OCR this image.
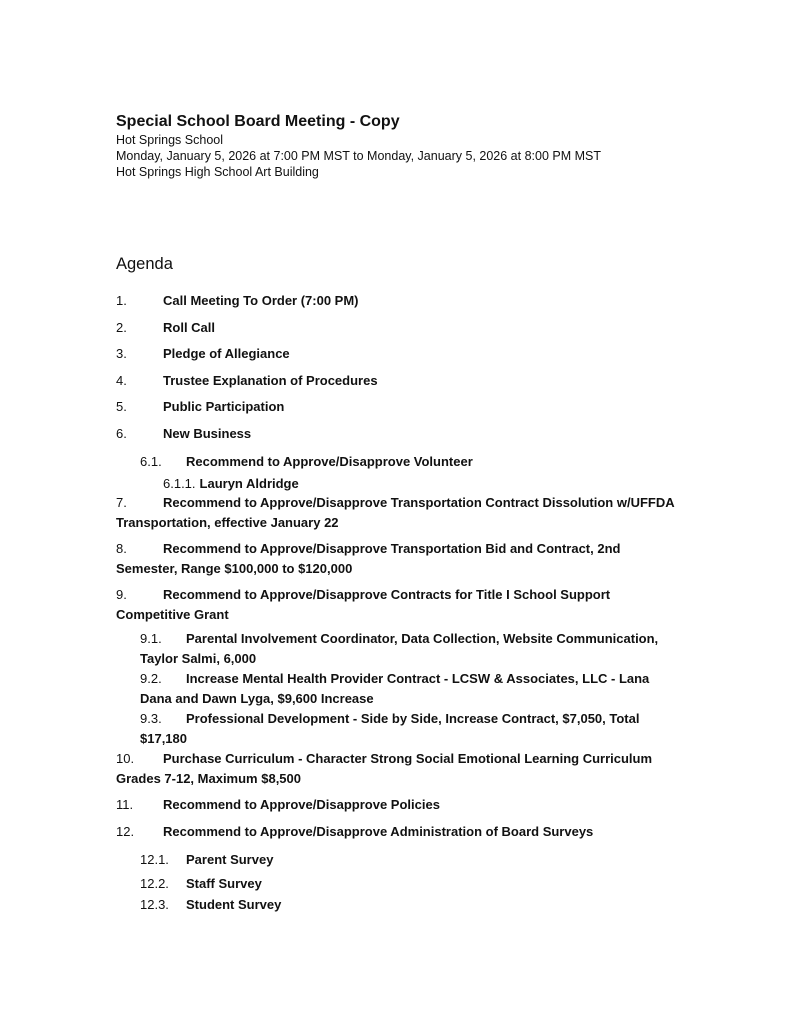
Special School Board Meeting - Copy
Hot Springs School
Monday, January 5, 2026 at 7:00 PM MST to Monday, January 5, 2026 at 8:00 PM MST
Hot Springs High School Art Building
Agenda
1.	Call Meeting To Order (7:00 PM)
2.	Roll Call
3.	Pledge of Allegiance
4.	Trustee Explanation of Procedures
5.	Public Participation
6.	New Business
6.1. Recommend to Approve/Disapprove Volunteer
6.1.1. Lauryn Aldridge
7.	Recommend to Approve/Disapprove Transportation Contract Dissolution w/UFFDA Transportation, effective January 22
8.	Recommend to Approve/Disapprove Transportation Bid and Contract, 2nd Semester, Range $100,000 to $120,000
9.	Recommend to Approve/Disapprove Contracts for Title I School Support Competitive Grant
9.1. Parental Involvement Coordinator, Data Collection, Website Communication, Taylor Salmi, 6,000
9.2. Increase Mental Health Provider Contract - LCSW & Associates, LLC - Lana Dana and Dawn Lyga, $9,600 Increase
9.3. Professional Development - Side by Side, Increase Contract, $7,050, Total $17,180
10. Purchase Curriculum - Character Strong Social Emotional Learning Curriculum Grades 7-12, Maximum $8,500
11. Recommend to Approve/Disapprove Policies
12. Recommend to Approve/Disapprove Administration of Board Surveys
12.1. Parent Survey
12.2. Staff Survey
12.3. Student Survey
